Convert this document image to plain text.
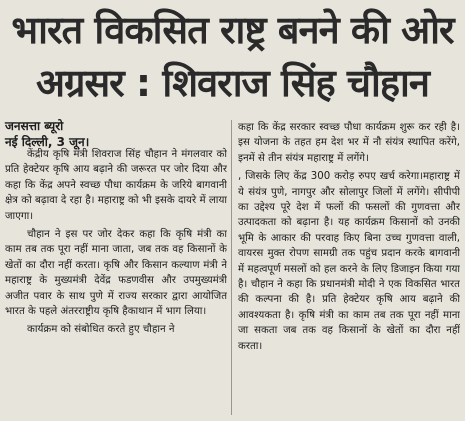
भारत विकसित राष्ट्र बनने की ओर
अग्रसर : शिवराज सिंह चौहान
जनसत्ता ब्यूरो
नई दिल्ली, 3 जून।

केंद्रीय कृषि मंत्री शिवराज सिंह चौहान ने मंगलवार को प्रति हेक्टेयर कृषि आय बढ़ाने की जरूरत पर जोर दिया और कहा कि केंद्र अपने स्वच्छ पौधा कार्यक्रम के जरिये बागवानी क्षेत्र को बढ़ावा दे रहा है। महाराष्ट्र को भी इसके दायरे में लाया जाएगा।

चौहान ने इस पर जोर देकर कहा कि कृषि मंत्री का काम तब तक पूरा नहीं माना जाता, जब तक वह किसानों के खेतों का दौरा नहीं करता। कृषि और किसान कल्याण मंत्री ने महाराष्ट्र के मुख्यमंत्री देवेंद्र फडणवीस और उपमुख्यमंत्री अजीत पवार के साथ पुणे में राज्य सरकार द्वारा आयोजित भारत के पहले अंतरराष्ट्रीय कृषि हैकाथान में भाग लिया।

कार्यक्रम को संबोधित करते हुए चौहान ने

कहा कि केंद्र सरकार स्वच्छ पौधा कार्यक्रम शुरू कर रही है। इस योजना के तहत हम देश भर में नौ संयंत्र स्थापित करेंगे, इनमें से तीन संयंत्र महाराष्ट्र में लगेंगे।

, जिसके लिए केंद्र 300 करोड़ रुपए खर्च करेगा।महाराष्ट्र में ये संयंत्र पुणे, नागपुर और सोलापुर जिलों में लगेंगे। सीपीपी का उद्देश्य पूरे देश में फलों की फसलों की गुणवत्ता और उत्पादकता को बढ़ाना है। यह कार्यक्रम किसानों को उनकी भूमि के आकार की परवाह किए बिना उच्च गुणवत्ता वाली, वायरस मुक्त रोपण सामग्री तक पहुंच प्रदान करके बागवानी में महत्वपूर्ण मसलों को हल करने के लिए डिजाइन किया गया है। चौहान ने कहा कि प्रधानमंत्री मोदी ने एक विकसित भारत की कल्पना की है। प्रति हेक्टेयर कृषि आय बढ़ाने की आवश्यकता है। कृषि मंत्री का काम तब तक पूरा नहीं माना जा सकता जब तक वह किसानों के खेतों का दौरा नहीं करता।
